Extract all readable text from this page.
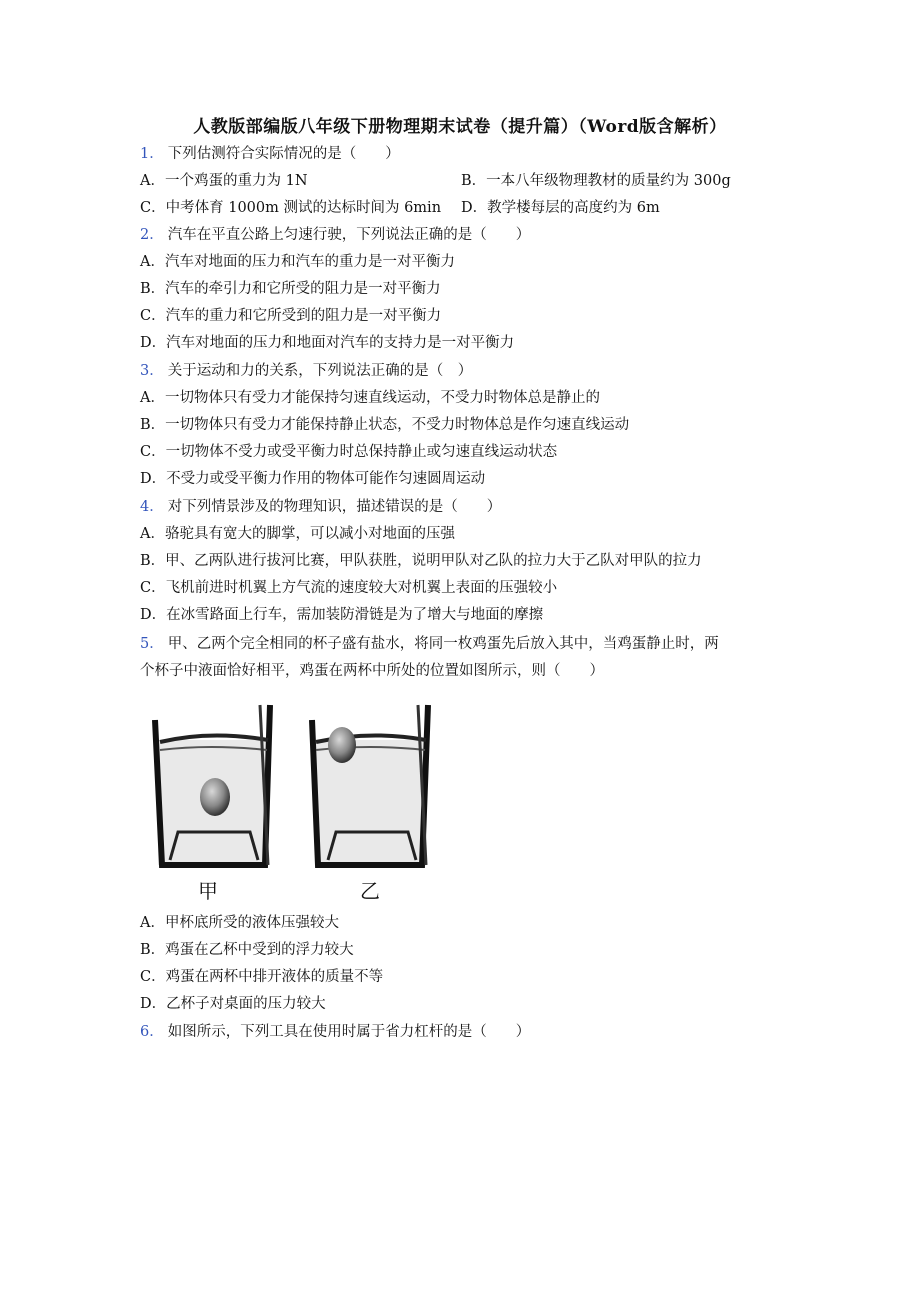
人教版部编版八年级下册物理期末试卷（提升篇）（Word版含解析）
1． 下列估测符合实际情况的是（　　）
A．一个鸡蛋的重力为 1N	B．一本八年级物理教材的质量约为 300g
C．中考体育 1000m 测试的达标时间为 6min D．教学楼每层的高度约为 6m
2． 汽车在平直公路上匀速行驶，下列说法正确的是（　　）
A．汽车对地面的压力和汽车的重力是一对平衡力
B．汽车的牵引力和它所受的阻力是一对平衡力
C．汽车的重力和它所受到的阻力是一对平衡力
D．汽车对地面的压力和地面对汽车的支持力是一对平衡力
3． 关于运动和力的关系，下列说法正确的是（　）
A．一切物体只有受力才能保持匀速直线运动，不受力时物体总是静止的
B．一切物体只有受力才能保持静止状态，不受力时物体总是作匀速直线运动
C．一切物体不受力或受平衡力时总保持静止或匀速直线运动状态
D．不受力或受平衡力作用的物体可能作匀速圆周运动
4． 对下列情景涉及的物理知识，描述错误的是（　　）
A．骆驼具有宽大的脚掌，可以减小对地面的压强
B．甲、乙两队进行拔河比赛，甲队获胜，说明甲队对乙队的拉力大于乙队对甲队的拉力
C．飞机前进时机翼上方气流的速度较大对机翼上表面的压强较小
D．在冰雪路面上行车，需加装防滑链是为了增大与地面的摩擦
5． 甲、乙两个完全相同的杯子盛有盐水，将同一枚鸡蛋先后放入其中，当鸡蛋静止时，两
个杯子中液面恰好相平，鸡蛋在两杯中所处的位置如图所示，则（　　）
甲	乙
A．甲杯底所受的液体压强较大
B．鸡蛋在乙杯中受到的浮力较大
C．鸡蛋在两杯中排开液体的质量不等
D．乙杯子对桌面的压力较大
6． 如图所示，下列工具在使用时属于省力杠杆的是（　　）
